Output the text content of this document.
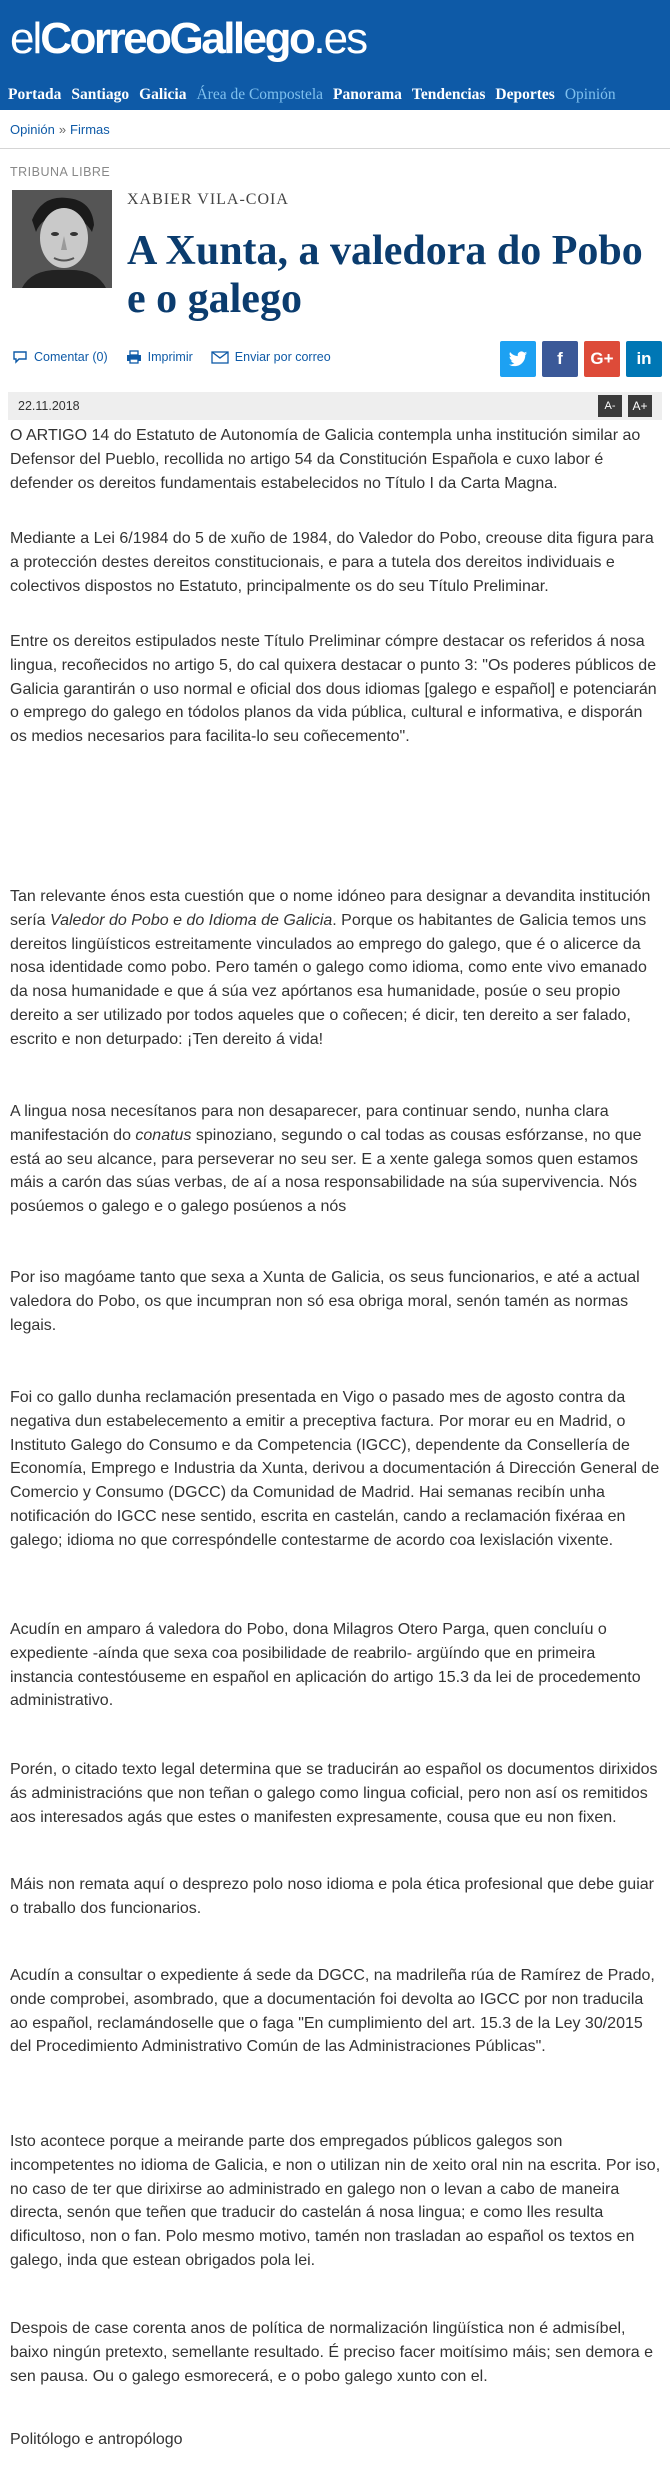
el CorreoGallego .es
Portada Santiago Galicia Área de Compostela Panorama Tendencias Deportes Opinión
Opinión » Firmas
TRIBUNA LIBRE
XABIER VILA-COIA
A Xunta, a valedora do Pobo e o galego
Comentar (0)	Imprimir	Enviar por correo	f	G+	in
22.11.2018	A-	A+
O ARTIGO 14 do Estatuto de Autonomía de Galicia contempla unha institución similar ao Defensor del Pueblo, recollida no artigo 54 da Constitución Española e cuxo labor é defender os dereitos fundamentais estabelecidos no Título I da Carta Magna.
Mediante a Lei 6/1984 do 5 de xuño de 1984, do Valedor do Pobo, creouse dita figura para a protección destes dereitos constitucionais, e para a tutela dos dereitos individuais e colectivos dispostos no Estatuto, principalmente os do seu Título Preliminar.
Entre os dereitos estipulados neste Título Preliminar cómpre destacar os referidos á nosa lingua, recoñecidos no artigo 5, do cal quixera destacar o punto 3: "Os poderes públicos de Galicia garantirán o uso normal e oficial dos dous idiomas [galego e español] e potenciarán o emprego do galego en tódolos planos da vida pública, cultural e informativa, e disporán os medios necesarios para facilita-lo seu coñecemento".
Tan relevante énos esta cuestión que o nome idóneo para designar a devandita institución sería Valedor do Pobo e do Idioma de Galicia. Porque os habitantes de Galicia temos uns dereitos lingüísticos estreitamente vinculados ao emprego do galego, que é o alicerce da nosa identidade como pobo. Pero tamén o galego como idioma, como ente vivo emanado da nosa humanidade e que á súa vez apórtanos esa humanidade, posúe o seu propio dereito a ser utilizado por todos aqueles que o coñecen; é dicir, ten dereito a ser falado, escrito e non deturpado: ¡Ten dereito á vida!
A lingua nosa necesítanos para non desaparecer, para continuar sendo, nunha clara manifestación do conatus spinoziano, segundo o cal todas as cousas esfórzanse, no que está ao seu alcance, para perseverar no seu ser. E a xente galega somos quen estamos máis a carón das súas verbas, de aí a nosa responsabilidade na súa supervivencia. Nós posúemos o galego e o galego posúenos a nós
Por iso magóame tanto que sexa a Xunta de Galicia, os seus funcionarios, e até a actual valedora do Pobo, os que incumpran non só esa obriga moral, senón tamén as normas legais.
Foi co gallo dunha reclamación presentada en Vigo o pasado mes de agosto contra da negativa dun estabelecemento a emitir a preceptiva factura. Por morar eu en Madrid, o Instituto Galego do Consumo e da Competencia (IGCC), dependente da Consellería de Economía, Emprego e Industria da Xunta, derivou a documentación á Dirección General de Comercio y Consumo (DGCC) da Comunidad de Madrid. Hai semanas recibín unha notificación do IGCC nese sentido, escrita en castelán, cando a reclamación fixéraa en galego; idioma no que correspóndelle contestarme de acordo coa lexislación vixente.
Acudín en amparo á valedora do Pobo, dona Milagros Otero Parga, quen concluíu o expediente -aínda que sexa coa posibilidade de reabrilo- argüíndo que en primeira instancia contestóuseme en español en aplicación do artigo 15.3 da lei de procedemento administrativo.
Porén, o citado texto legal determina que se traducirán ao español os documentos dirixidos ás administracións que non teñan o galego como lingua coficial, pero non así os remitidos aos interesados agás que estes o manifesten expresamente, cousa que eu non fixen.
Máis non remata aquí o desprezo polo noso idioma e pola ética profesional que debe guiar o traballo dos funcionarios.
Acudín a consultar o expediente á sede da DGCC, na madrileña rúa de Ramírez de Prado, onde comprobei, asombrado, que a documentación foi devolta ao IGCC por non traducila ao español, reclamándoselle que o faga "En cumplimiento del art. 15.3 de la Ley 30/2015 del Procedimiento Administrativo Común de las Administraciones Públicas".
Isto acontece porque a meirande parte dos empregados públicos galegos son incompetentes no idioma de Galicia, e non o utilizan nin de xeito oral nin na escrita. Por iso, no caso de ter que dirixirse ao administrado en galego non o levan a cabo de maneira directa, senón que teñen que traducir do castelán á nosa lingua; e como lles resulta dificultoso, non o fan. Polo mesmo motivo, tamén non trasladan ao español os textos en galego, inda que estean obrigados pola lei.
Despois de case corenta anos de política de normalización lingüística non é admisíbel, baixo ningún pretexto, semellante resultado. É preciso facer moitísimo máis; sen demora e sen pausa. Ou o galego esmorecerá, e o pobo galego xunto con el.
Politólogo e antropólogo
